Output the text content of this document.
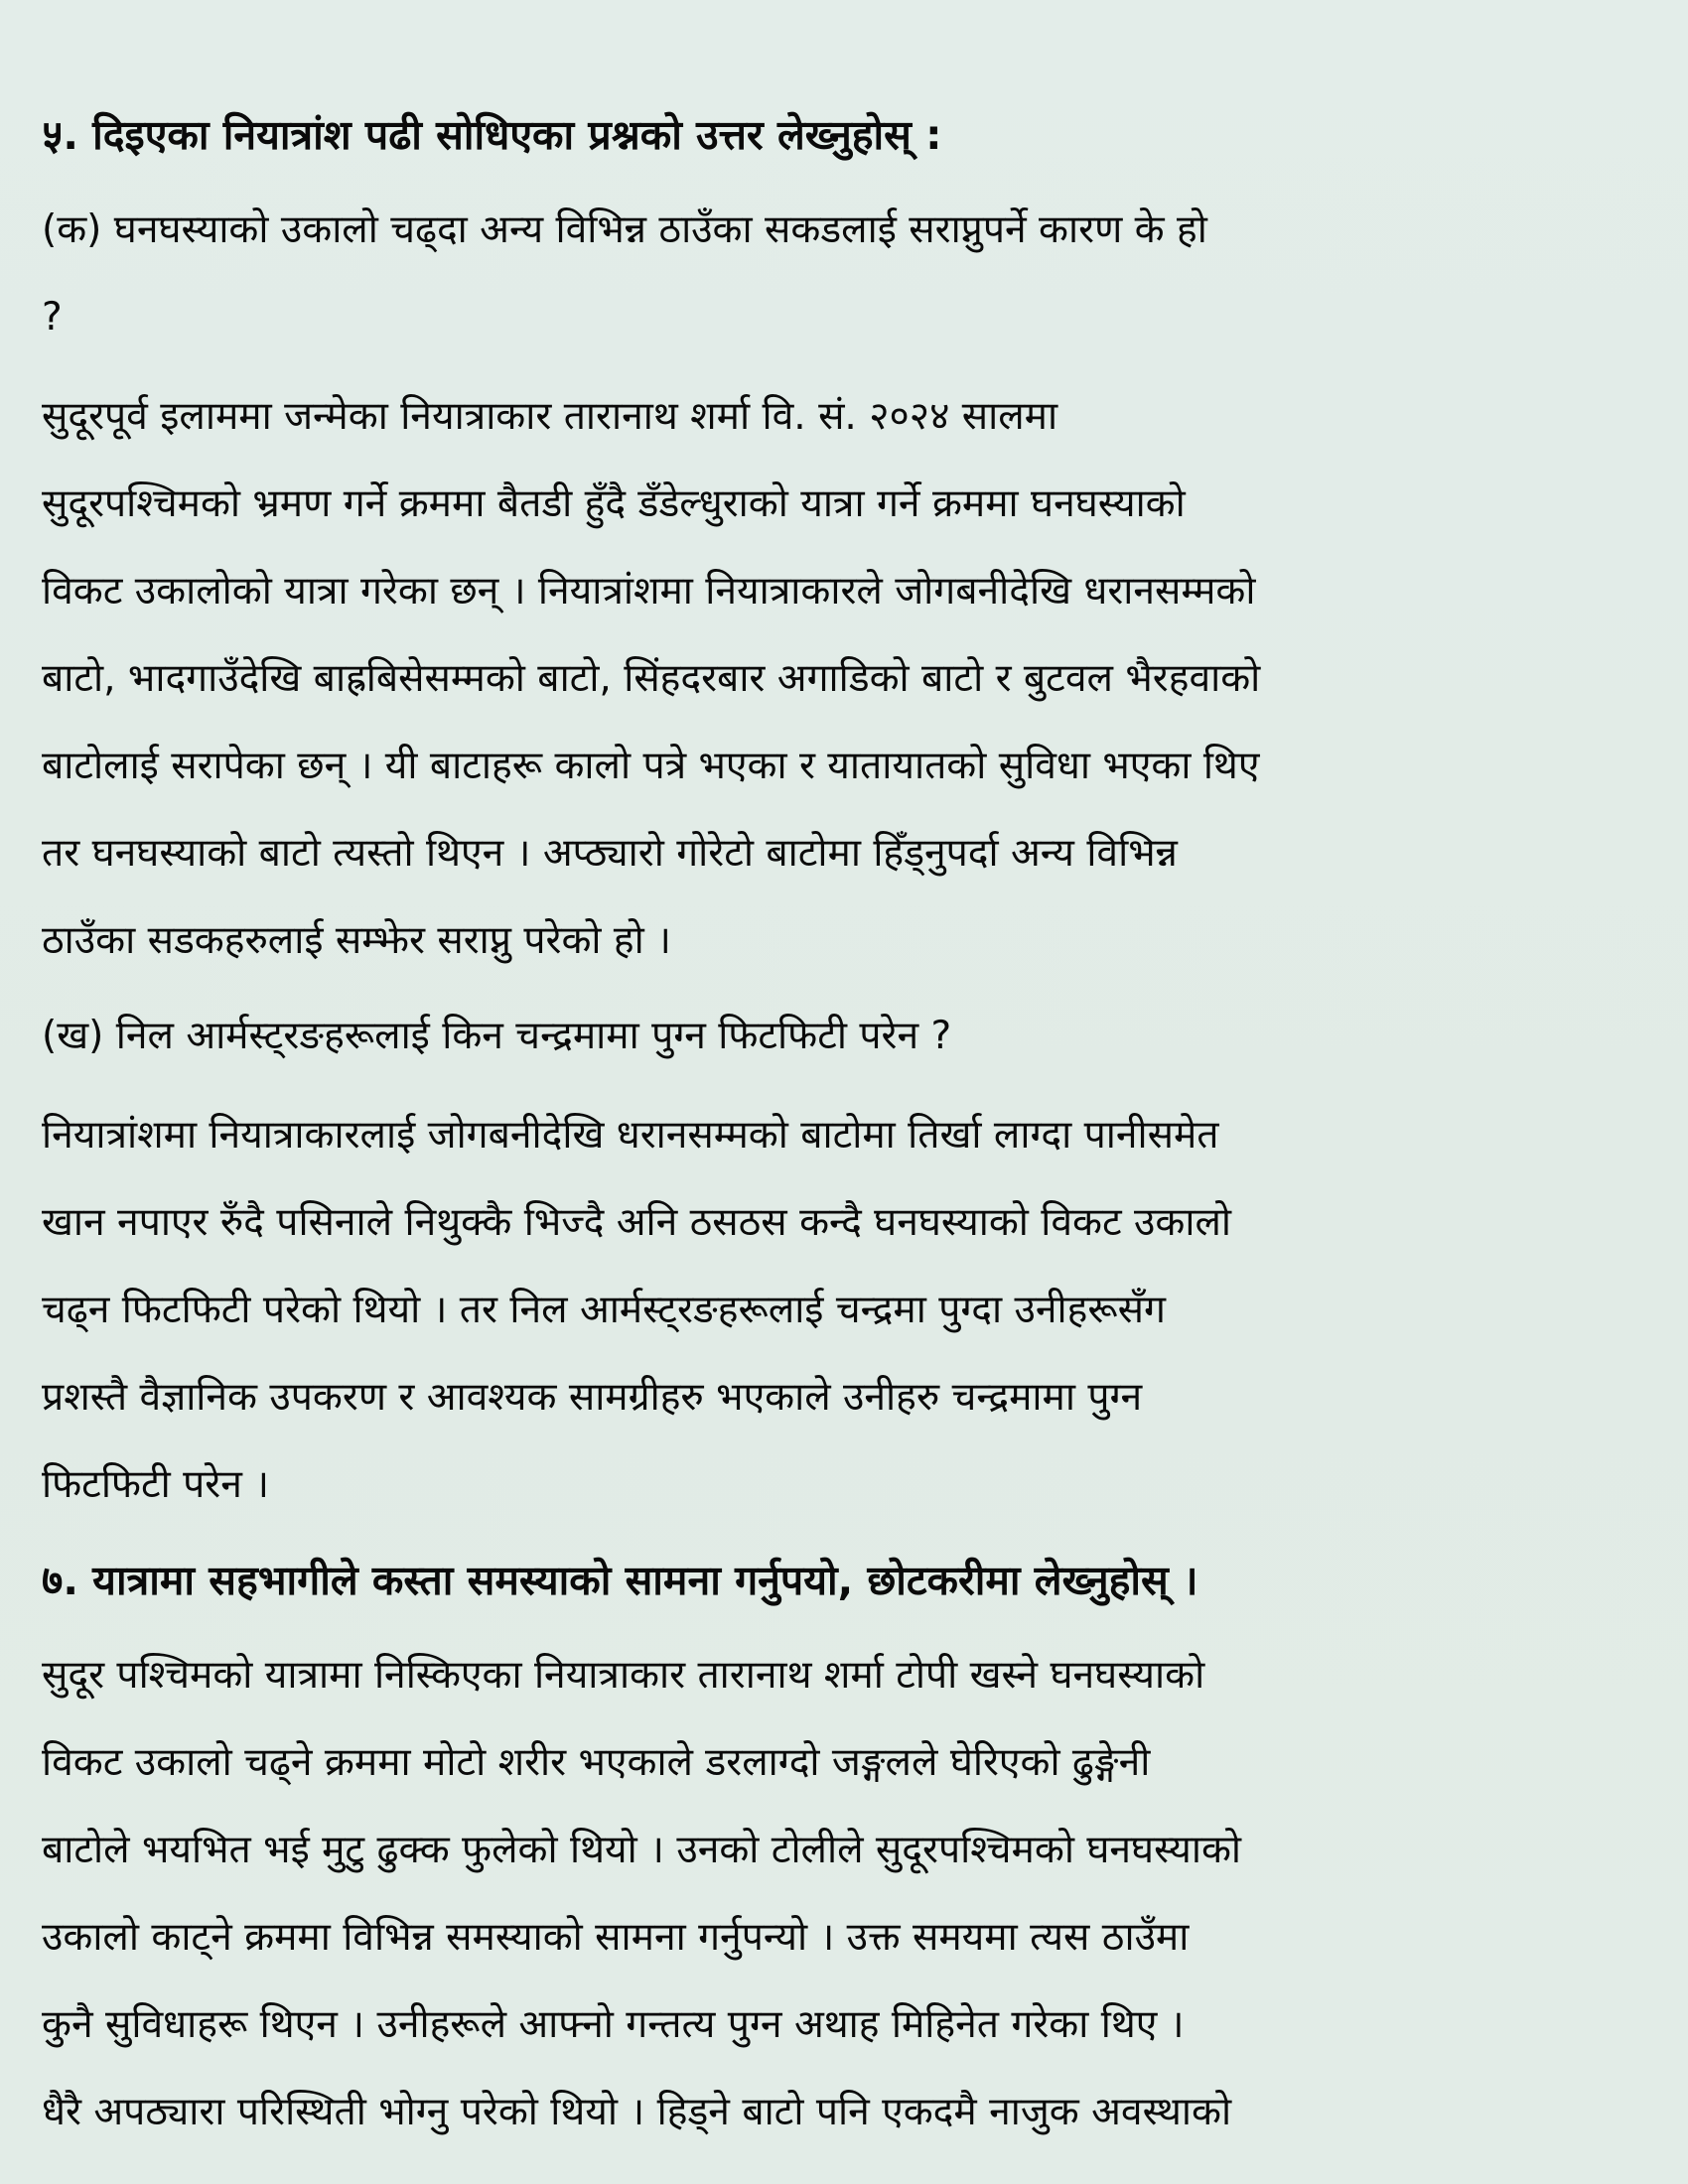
५. दिइएका नियात्रांश पढी सोधिएका प्रश्नको उत्तर लेख्नुहोस् :
(क) घनघस्याको उकालो चढ्दा अन्य विभिन्न ठाउँका सकडलाई सराप्नुपर्ने कारण के हो
?
सुदूरपूर्व इलाममा जन्मेका नियात्राकार तारानाथ शर्मा वि. सं. २०२४ सालमा
सुदूरपश्चिमको भ्रमण गर्ने क्रममा बैतडी हुँदै डँडेल्धुराको यात्रा गर्ने क्रममा घनघस्याको
विकट उकालोको यात्रा गरेका छन् । नियात्रांशमा नियात्राकारले जोगबनीदेखि धरानसम्मको
बाटो, भादगाउँदेखि बाह्रबिसेसम्मको बाटो, सिंहदरबार अगाडिको बाटो र बुटवल भैरहवाको
बाटोलाई सरापेका छन् । यी बाटाहरू कालो पत्रे भएका र यातायातको सुविधा भएका थिए
तर घनघस्याको बाटो त्यस्तो थिएन । अप्ठ्यारो गोरेटो बाटोमा हिँड्नुपर्दा अन्य विभिन्न
ठाउँका सडकहरुलाई सम्झेर सराप्नु परेको हो ।
(ख) निल आर्मस्ट्रङहरूलाई किन चन्द्रमामा पुग्न फिटफिटी परेन ?
नियात्रांशमा नियात्राकारलाई जोगबनीदेखि धरानसम्मको बाटोमा तिर्खा लाग्दा पानीसमेत
खान नपाएर रुँदै पसिनाले निथुक्कै भिज्दै अनि ठसठस कन्दै घनघस्याको विकट उकालो
चढ्न फिटफिटी परेको थियो । तर निल आर्मस्ट्रङहरूलाई चन्द्रमा पुग्दा उनीहरूसँग
प्रशस्तै वैज्ञानिक उपकरण र आवश्यक सामग्रीहरु भएकाले उनीहरु चन्द्रमामा पुग्न
फिटफिटी परेन ।
७. यात्रामा सहभागीले कस्ता समस्याको सामना गर्नुपयो, छोटकरीमा लेख्नुहोस् ।
सुदूर पश्चिमको यात्रामा निस्किएका नियात्राकार तारानाथ शर्मा टोपी खस्ने घनघस्याको
विकट उकालो चढ्ने क्रममा मोटो शरीर भएकाले डरलाग्दो जङ्गलले घेरिएको ढुङ्गेनी
बाटोले भयभित भई मुटु ढुक्क फुलेको थियो । उनको टोलीले सुदूरपश्चिमको घनघस्याको
उकालो काट्ने क्रममा विभिन्न समस्याको सामना गर्नुपन्यो । उक्त समयमा त्यस ठाउँमा
कुनै सुविधाहरू थिएन । उनीहरूले आफ्नो गन्तत्य पुग्न अथाह मिहिनेत गरेका थिए ।
धैरै अपठ्यारा परिस्थिती भोग्नु परेको थियो । हिड्ने बाटो पनि एकदमै नाजुक अवस्थाको
